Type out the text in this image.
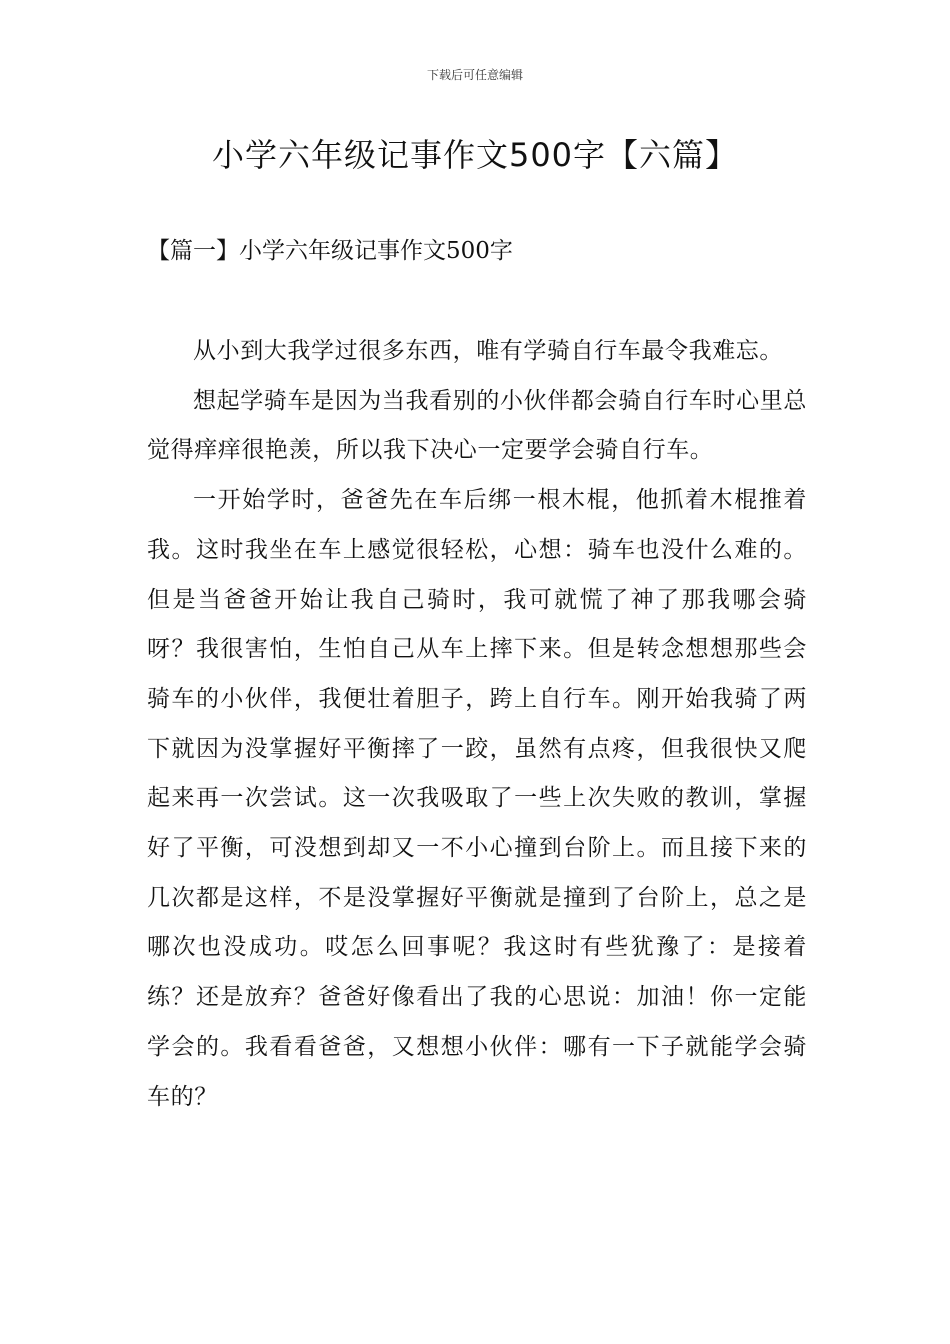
下载后可任意编辑
小学六年级记事作文500字【六篇】
【篇一】小学六年级记事作文500字

从小到大我学过很多东西，唯有学骑自行车最令我难忘。

想起学骑车是因为当我看别的小伙伴都会骑自行车时心里总觉得痒痒很艳羡，所以我下决心一定要学会骑自行车。

一开始学时，爸爸先在车后绑一根木棍，他抓着木棍推着我。这时我坐在车上感觉很轻松，心想：骑车也没什么难的。但是当爸爸开始让我自己骑时，我可就慌了神了那我哪会骑呀？我很害怕，生怕自己从车上摔下来。但是转念想想那些会骑车的小伙伴，我便壮着胆子，跨上自行车。刚开始我骑了两下就因为没掌握好平衡摔了一跤，虽然有点疼，但我很快又爬起来再一次尝试。这一次我吸取了一些上次失败的教训，掌握好了平衡，可没想到却又一不小心撞到台阶上。而且接下来的几次都是这样，不是没掌握好平衡就是撞到了台阶上，总之是哪次也没成功。哎怎么回事呢？我这时有些犹豫了：是接着练？还是放弃？爸爸好像看出了我的心思说：加油！你一定能学会的。我看看爸爸，又想想小伙伴：哪有一下子就能学会骑车的？
